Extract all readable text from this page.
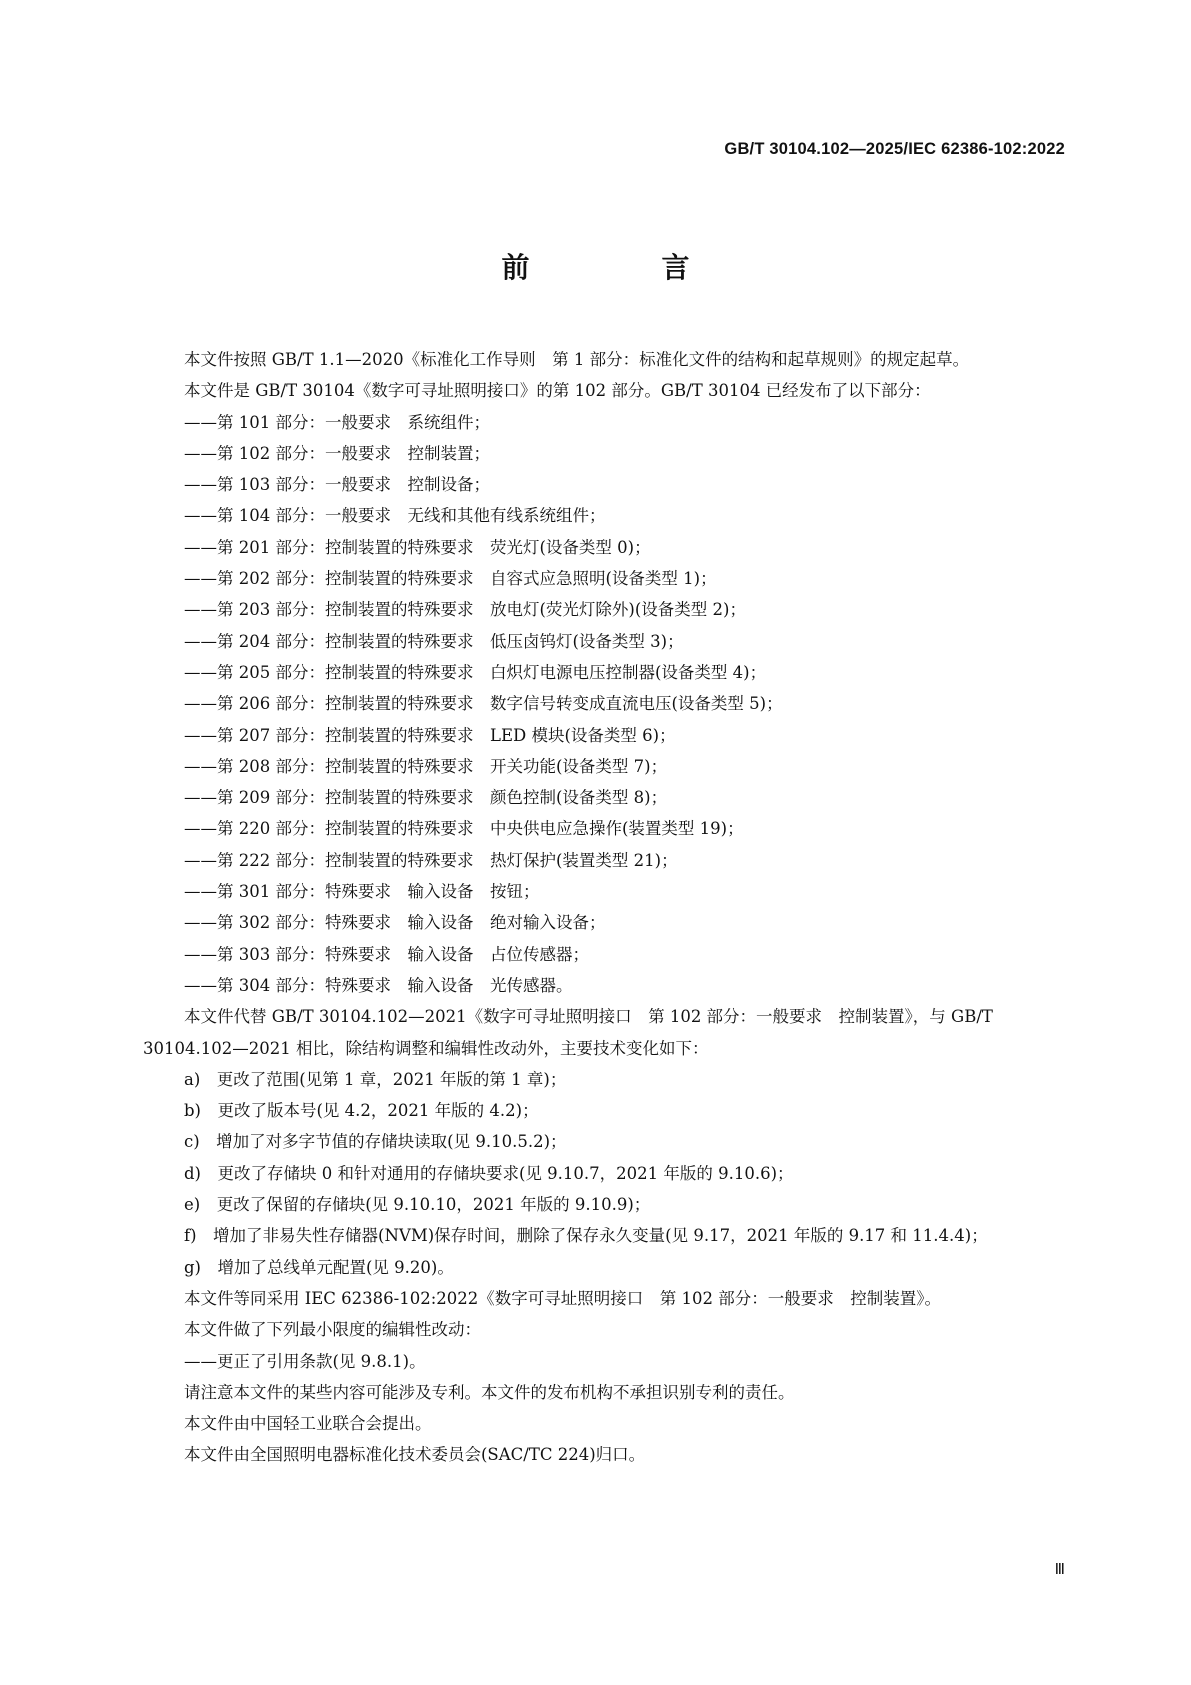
GB/T 30104.102—2025/IEC 62386-102:2022
前　言

本文件按照 GB/T 1.1—2020《标准化工作导则　第 1 部分：标准化文件的结构和起草规则》的规定起草。

本文件是 GB/T 30104《数字可寻址照明接口》的第 102 部分。GB/T 30104 已经发布了以下部分：

——第 101 部分：一般要求　系统组件；

——第 102 部分：一般要求　控制装置；

——第 103 部分：一般要求　控制设备；

——第 104 部分：一般要求　无线和其他有线系统组件；

——第 201 部分：控制装置的特殊要求　荧光灯(设备类型 0)；

——第 202 部分：控制装置的特殊要求　自容式应急照明(设备类型 1)；

——第 203 部分：控制装置的特殊要求　放电灯(荧光灯除外)(设备类型 2)；

——第 204 部分：控制装置的特殊要求　低压卤钨灯(设备类型 3)；

——第 205 部分：控制装置的特殊要求　白炽灯电源电压控制器(设备类型 4)；

——第 206 部分：控制装置的特殊要求　数字信号转变成直流电压(设备类型 5)；

——第 207 部分：控制装置的特殊要求　LED 模块(设备类型 6)；

——第 208 部分：控制装置的特殊要求　开关功能(设备类型 7)；

——第 209 部分：控制装置的特殊要求　颜色控制(设备类型 8)；

——第 220 部分：控制装置的特殊要求　中央供电应急操作(装置类型 19)；

——第 222 部分：控制装置的特殊要求　热灯保护(装置类型 21)；

——第 301 部分：特殊要求　输入设备　按钮；

——第 302 部分：特殊要求　输入设备　绝对输入设备；

——第 303 部分：特殊要求　输入设备　占位传感器；

——第 304 部分：特殊要求　输入设备　光传感器。

本文件代替 GB/T 30104.102—2021《数字可寻址照明接口　第 102 部分：一般要求　控制装置》，与 GB/T 30104.102—2021 相比，除结构调整和编辑性改动外，主要技术变化如下：

a)　更改了范围(见第 1 章，2021 年版的第 1 章)；

b)　更改了版本号(见 4.2，2021 年版的 4.2)；

c)　增加了对多字节值的存储块读取(见 9.10.5.2)；

d)　更改了存储块 0 和针对通用的存储块要求(见 9.10.7，2021 年版的 9.10.6)；

e)　更改了保留的存储块(见 9.10.10，2021 年版的 9.10.9)；

f)　增加了非易失性存储器(NVM)保存时间，删除了保存永久变量(见 9.17，2021 年版的 9.17 和 11.4.4)；

g)　增加了总线单元配置(见 9.20)。

本文件等同采用 IEC 62386-102:2022《数字可寻址照明接口　第 102 部分：一般要求　控制装置》。

本文件做了下列最小限度的编辑性改动：

——更正了引用条款(见 9.8.1)。

请注意本文件的某些内容可能涉及专利。本文件的发布机构不承担识别专利的责任。

本文件由中国轻工业联合会提出。

本文件由全国照明电器标准化技术委员会(SAC/TC 224)归口。

Ⅲ
